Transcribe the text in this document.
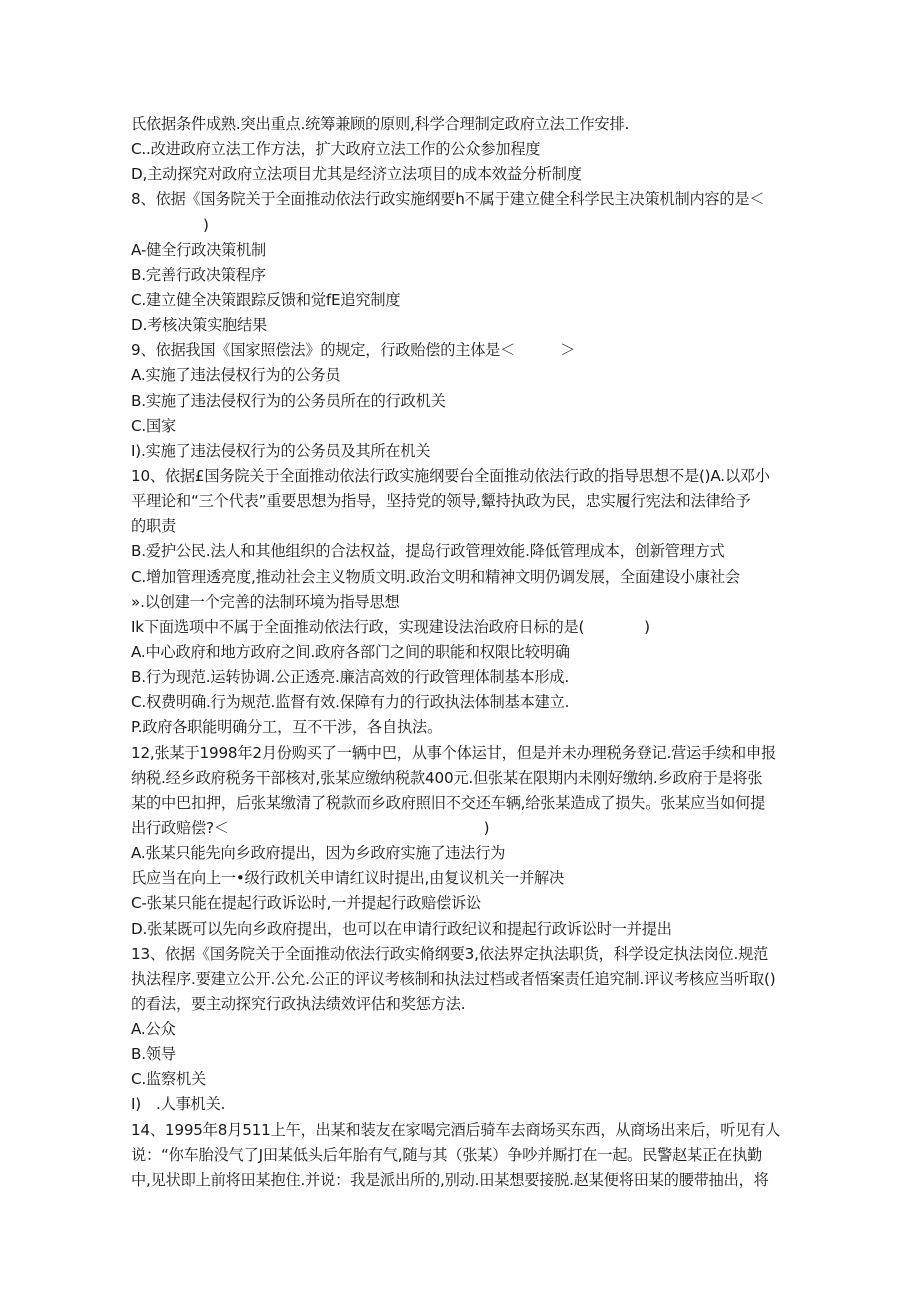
氏依据条件成熟.突出重点.统筹兼顾的原则,科学合理制定政府立法工作安排.
C..改进政府立法工作方法，扩大政府立法工作的公众参加程度
D,主动探究对政府立法项目尤其是经济立法项目的成本效益分析制度
8、依据《国务院关于全面推动依法行政实施纲要h不属于建立健全科学民主决策机制内容的是＜
)
A-健全行政决策机制
B.完善行政决策程序
C.建立健全决策跟踪反馈和觉fE追究制度
D.考核决策实胞结果
9、依据我国《国家照偿法》的规定，行政贻偿的主体是＜　　　＞
A.实施了违法侵权行为的公务员
B.实施了违法侵权行为的公务员所在的行政机关
C.国家
I).实施了违法侵权行为的公务员及其所在机关
10、依据£国务院关于全面推动依法行政实施纲要台全面推动依法行政的指导思想不是()A.以邓小
平理论和“三个代表”重要思想为指导，坚持党的领导,颦持执政为民，忠实履行宪法和法律给予
的职责
B.爱护公民.法人和其他组织的合法权益，提岛行政管理效能.降低管理成本，创新管理方式
C.增加管理透亮度,推动社会主义物质文明.政治文明和精神文明仍调发展，全面建设小康社会
».以创建一个完善的法制环境为指导思想
Ik下面选项中不属于全面推动依法行政，实现建设法治政府日标的是(　　　　)
A.中心政府和地方政府之间.政府各部门之间的职能和权限比较明确
B.行为现范.运转协调.公正透亮.廉洁高效的行政管理体制基本形成.
C.权费明确.行为规范.监督有效.保障有力的行政执法体制基本建立.
P.政府各职能明确分工，互不干涉，各自执法。
12,张某于1998年2月份购买了一辆中巴，从事个体运甘，但是并未办理税务登记.营运手续和申报
纳税.经乡政府税务干部核对,张某应缴纳税款400元.但张某在限期内未刚好缴纳.乡政府于是将张
某的中巴扣押，后张某缴清了税款而乡政府照旧不交还车辆,给张某造成了损失。张某应当如何提
出行政赔偿?＜　　　　　　　　　　　　　　　　　)
A.张某只能先向乡政府提出，因为乡政府实施了违法行为
氏应当在向上一•级行政机关申请红议时提出,由复议机关一并解决
C-张某只能在提起行政诉讼时,一并提起行政赔偿诉讼
D.张某既可以先向乡政府提出，也可以在申请行政纪议和提起行政诉讼时一并提出
13、依据《国务院关于全面推动依法行政实脩纲要3,依法界定执法职货，科学设定执法岗位.规范
执法程序.要建立公开.公允.公正的评议考核制和执法过档或者悟案责任追究制.评议考核应当听取()
的看法，要主动探究行政执法绩效评估和奖惩方法.
A.公众
B.领导
C.监察机关
I)　.人事机关.
14、1995年8月511上午，出某和装友在家喝完酒后骑车去商场买东西，从商场出来后，听见有人
说：“你车胎没气了J田某低头后年胎有气,随与其（张某）争吵并厮打在一起。民警赵某正在执勤
中,见状即上前将田某抱住.并说：我是派出所的,别动.田某想要接脱.赵某便将田某的腰带抽出，将
